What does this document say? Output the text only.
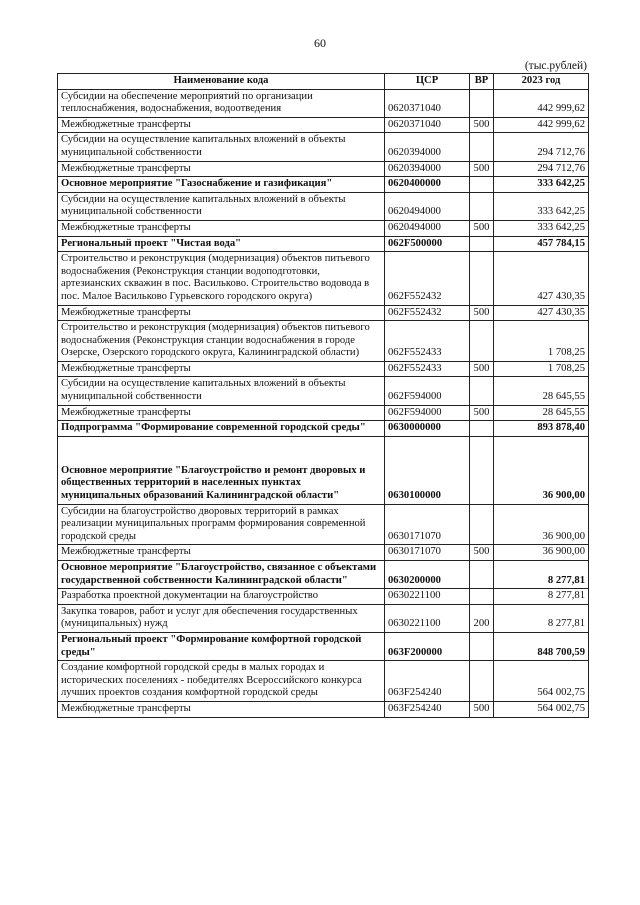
60
(тыс.рублей)
Наименование кода	ЦСР	ВР	2023 год
Субсидии на обеспечение мероприятий по организации теплоснабжения, водоснабжения, водоотведения	0620371040		442 999,62
Межбюджетные трансферты	0620371040	500	442 999,62
Субсидии на осуществление капитальных вложений в объекты муниципальной собственности	0620394000		294 712,76
Межбюджетные трансферты	0620394000	500	294 712,76
Основное мероприятие "Газоснабжение и газификация"	0620400000		333 642,25
Субсидии на осуществление капитальных вложений в объекты муниципальной собственности	0620494000		333 642,25
Межбюджетные трансферты	0620494000	500	333 642,25
Региональный проект "Чистая вода"	062F500000		457 784,15
Строительство и реконструкция (модернизация) объектов питьевого водоснабжения (Реконструкция станции водоподготовки, артезианских скважин в пос. Васильково. Строительство водовода в пос. Малое Васильково Гурьевского городского округа)	062F552432		427 430,35
Межбюджетные трансферты	062F552432	500	427 430,35
Строительство и реконструкция (модернизация) объектов питьевого водоснабжения (Реконструкция станции водоснабжения в городе Озерске, Озерского городского округа, Калининградской области)	062F552433		1 708,25
Межбюджетные трансферты	062F552433	500	1 708,25
Субсидии на осуществление капитальных вложений в объекты муниципальной собственности	062F594000		28 645,55
Межбюджетные трансферты	062F594000	500	28 645,55
Подпрограмма "Формирование современной городской среды"	0630000000		893 878,40
Основное мероприятие "Благоустройство и ремонт дворовых и общественных территорий в населенных пунктах муниципальных образований Калининградской области"	0630100000		36 900,00
Субсидии на благоустройство дворовых территорий в рамках реализации муниципальных программ формирования современной городской среды	0630171070		36 900,00
Межбюджетные трансферты	0630171070	500	36 900,00
Основное мероприятие "Благоустройство, связанное с объектами государственной собственности Калининградской области"	0630200000		8 277,81
Разработка проектной документации на благоустройство	0630221100		8 277,81
Закупка товаров, работ и услуг для обеспечения государственных (муниципальных) нужд	0630221100	200	8 277,81
Региональный проект "Формирование комфортной городской среды"	063F200000		848 700,59
Создание комфортной городской среды в малых городах и исторических поселениях - победителях Всероссийского конкурса лучших проектов создания комфортной городской среды	063F254240		564 002,75
Межбюджетные трансферты	063F254240	500	564 002,75
